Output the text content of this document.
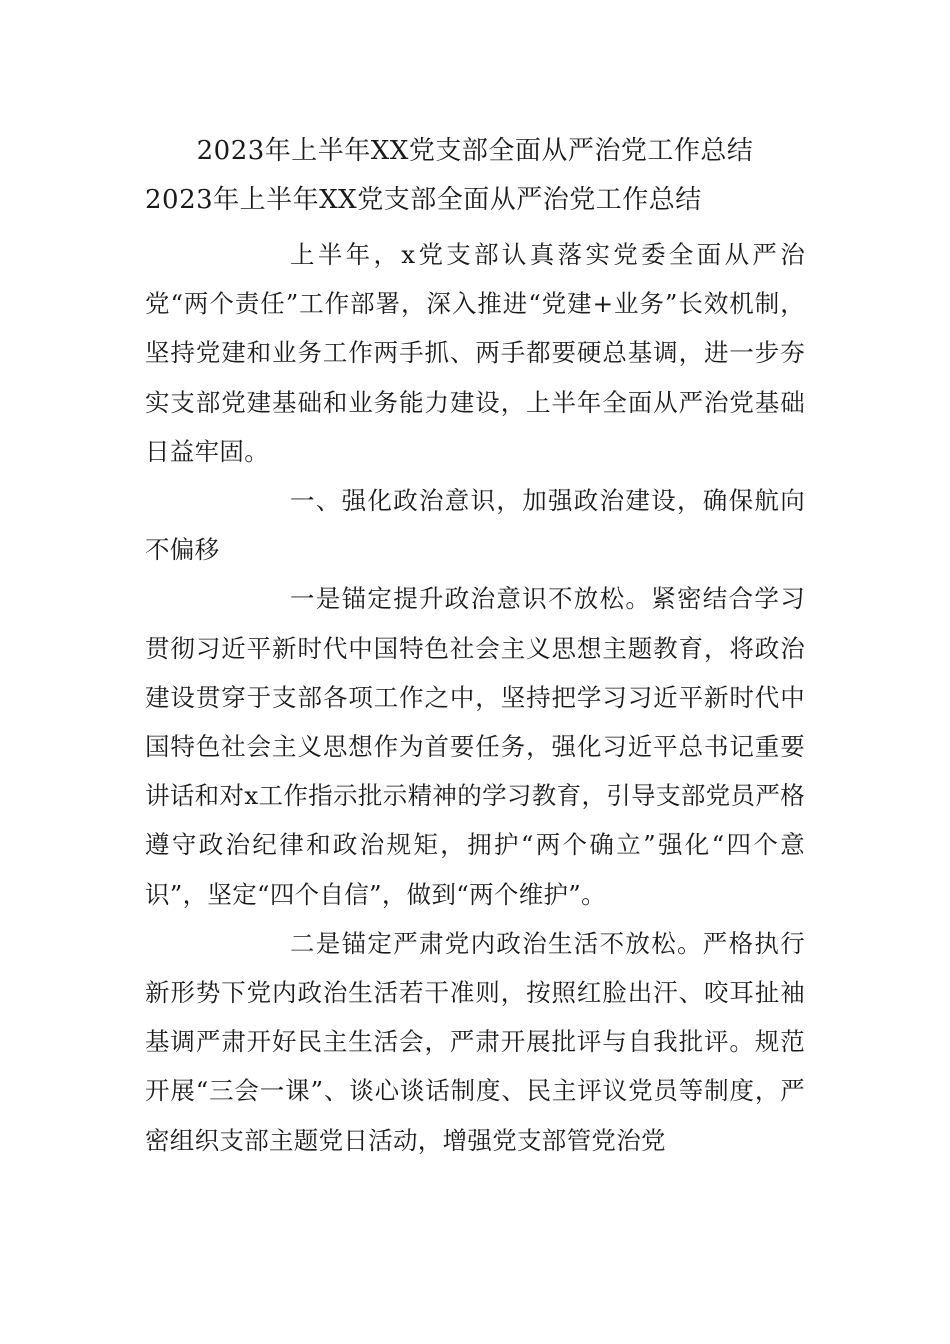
2023年上半年XX党支部全面从严治党工作总结
2023年上半年XX党支部全面从严治党工作总结

上半年，x党支部认真落实党委全面从严治党“两个责任”工作部署，深入推进“党建+业务”长效机制，坚持党建和业务工作两手抓、两手都要硬总基调，进一步夯实支部党建基础和业务能力建设，上半年全面从严治党基础日益牢固。

一、强化政治意识，加强政治建设，确保航向不偏移

一是锚定提升政治意识不放松。紧密结合学习贯彻习近平新时代中国特色社会主义思想主题教育，将政治建设贯穿于支部各项工作之中，坚持把学习习近平新时代中国特色社会主义思想作为首要任务，强化习近平总书记重要讲话和对x工作指示批示精神的学习教育，引导支部党员严格遵守政治纪律和政治规矩，拥护“两个确立”强化“四个意识”，坚定“四个自信”，做到“两个维护”。

二是锚定严肃党内政治生活不放松。严格执行新形势下党内政治生活若干准则，按照红脸出汗、咬耳扯袖基调严肃开好民主生活会，严肃开展批评与自我批评。规范开展“三会一课”、谈心谈话制度、民主评议党员等制度，严密组织支部主题党日活动，增强党支部管党治党
